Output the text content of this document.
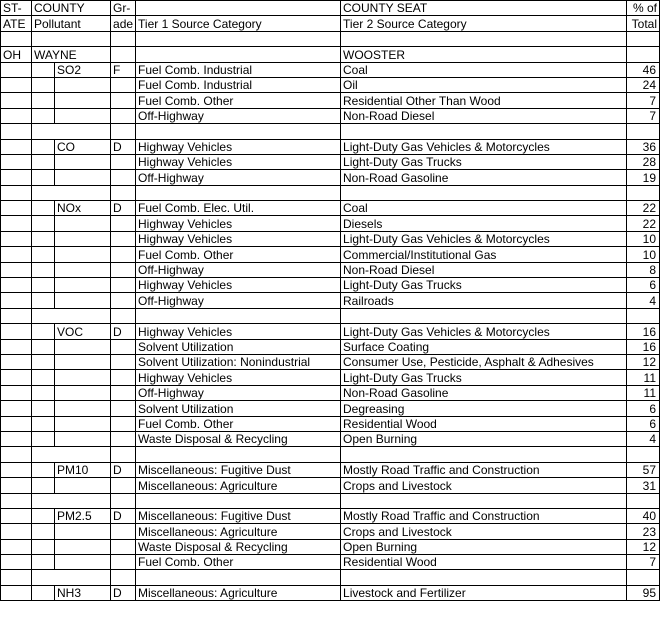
ST-	COUNTY		Gr-		COUNTY SEAT	% of
ATE	Pollutant		ade	Tier 1 Source Category	Tier 2 Source Category	Total

OH	WAYNE				WOOSTER	
		SO2	F	Fuel Comb. Industrial	Coal	46
				Fuel Comb. Industrial	Oil	24
				Fuel Comb. Other	Residential Other Than Wood	7
				Off-Highway	Non-Road Diesel	7

		CO	D	Highway Vehicles	Light-Duty Gas Vehicles & Motorcycles	36
				Highway Vehicles	Light-Duty Gas Trucks	28
				Off-Highway	Non-Road Gasoline	19

		NOx	D	Fuel Comb. Elec. Util.	Coal	22
				Highway Vehicles	Diesels	22
				Highway Vehicles	Light-Duty Gas Vehicles & Motorcycles	10
				Fuel Comb. Other	Commercial/Institutional Gas	10
				Off-Highway	Non-Road Diesel	8
				Highway Vehicles	Light-Duty Gas Trucks	6
				Off-Highway	Railroads	4

		VOC	D	Highway Vehicles	Light-Duty Gas Vehicles & Motorcycles	16
				Solvent Utilization	Surface Coating	16
				Solvent Utilization: Nonindustrial	Consumer Use, Pesticide, Asphalt & Adhesives	12
				Highway Vehicles	Light-Duty Gas Trucks	11
				Off-Highway	Non-Road Gasoline	11
				Solvent Utilization	Degreasing	6
				Fuel Comb. Other	Residential Wood	6
				Waste Disposal & Recycling	Open Burning	4

		PM10	D	Miscellaneous: Fugitive Dust	Mostly Road Traffic and Construction	57
				Miscellaneous: Agriculture	Crops and Livestock	31

		PM2.5	D	Miscellaneous: Fugitive Dust	Mostly Road Traffic and Construction	40
				Miscellaneous: Agriculture	Crops and Livestock	23
				Waste Disposal & Recycling	Open Burning	12
				Fuel Comb. Other	Residential Wood	7

		NH3	D	Miscellaneous: Agriculture	Livestock and Fertilizer	95
